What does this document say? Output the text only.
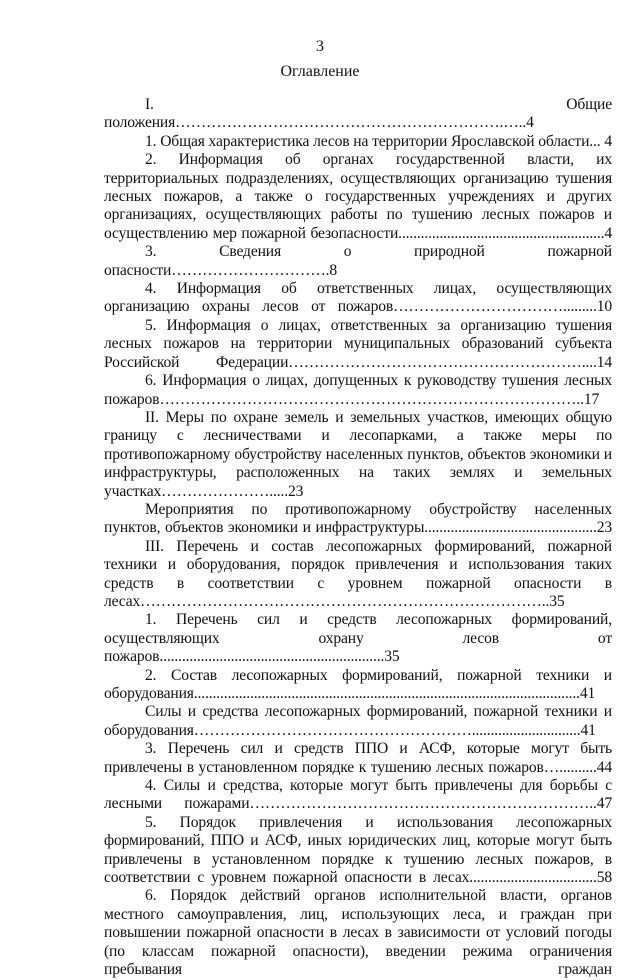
3
Оглавление
I. Общие положения……………………………………………………….…..4
1. Общая характеристика лесов на территории Ярославской области... 4
2. Информация об органах государственной власти, их территориальных подразделениях, осуществляющих организацию тушения лесных пожаров, а также о государственных учреждениях и других организациях, осуществляющих работы по тушению лесных пожаров и осуществлению мер пожарной безопасности.......................................................4
3. Сведения о природной пожарной опасности………………………….8
4. Информация об ответственных лицах, осуществляющих организацию охраны лесов от пожаров…………………………….........10
5. Информация о лицах, ответственных за организацию тушения лесных пожаров на территории муниципальных образований субъекта Российской Федерации…………………………………………………....14
6. Информация о лицах, допущенных к руководству тушения лесных пожаров………………………………………………………………………..17
II. Меры по охране земель и земельных участков, имеющих общую границу с лесничествами и лесопарками, а также меры по противопожарному обустройству населенных пунктов, объектов экономики и инфраструктуры, расположенных на таких землях и земельных участках………………….....23
Мероприятия по противопожарному обустройству населенных пунктов, объектов экономики и инфраструктуры..............................................23
III. Перечень и состав лесопожарных формирований, пожарной техники и оборудования, порядок привлечения и использования таких средств в соответствии с уровнем пожарной опасности в лесах……………………………………………………………………..35
1. Перечень сил и средств лесопожарных формирований, осуществляющих охрану лесов от пожаров............................................................35
2. Состав лесопожарных формирований, пожарной техники и оборудования.......................................................................................................41
Силы и средства лесопожарных формирований, пожарной техники и оборудования……………………………………………….............................41
3. Перечень сил и средств ППО и АСФ, которые могут быть привлечены в установленном порядке к тушению лесных пожаров…..........44
4. Силы и средства, которые могут быть привлечены для борьбы с лесными пожарами…………………………………………………………..47
5. Порядок привлечения и использования лесопожарных формирований, ППО и АСФ, иных юридических лиц, которые могут быть привлечены в установленном порядке к тушению лесных пожаров, в соответствии с уровнем пожарной опасности в лесах..................................58
6. Порядок действий органов исполнительной власти, органов местного самоуправления, лиц, использующих леса, и граждан при повышении пожарной опасности в лесах в зависимости от условий погоды (по классам пожарной опасности), введении режима ограничения пребывания граждан
